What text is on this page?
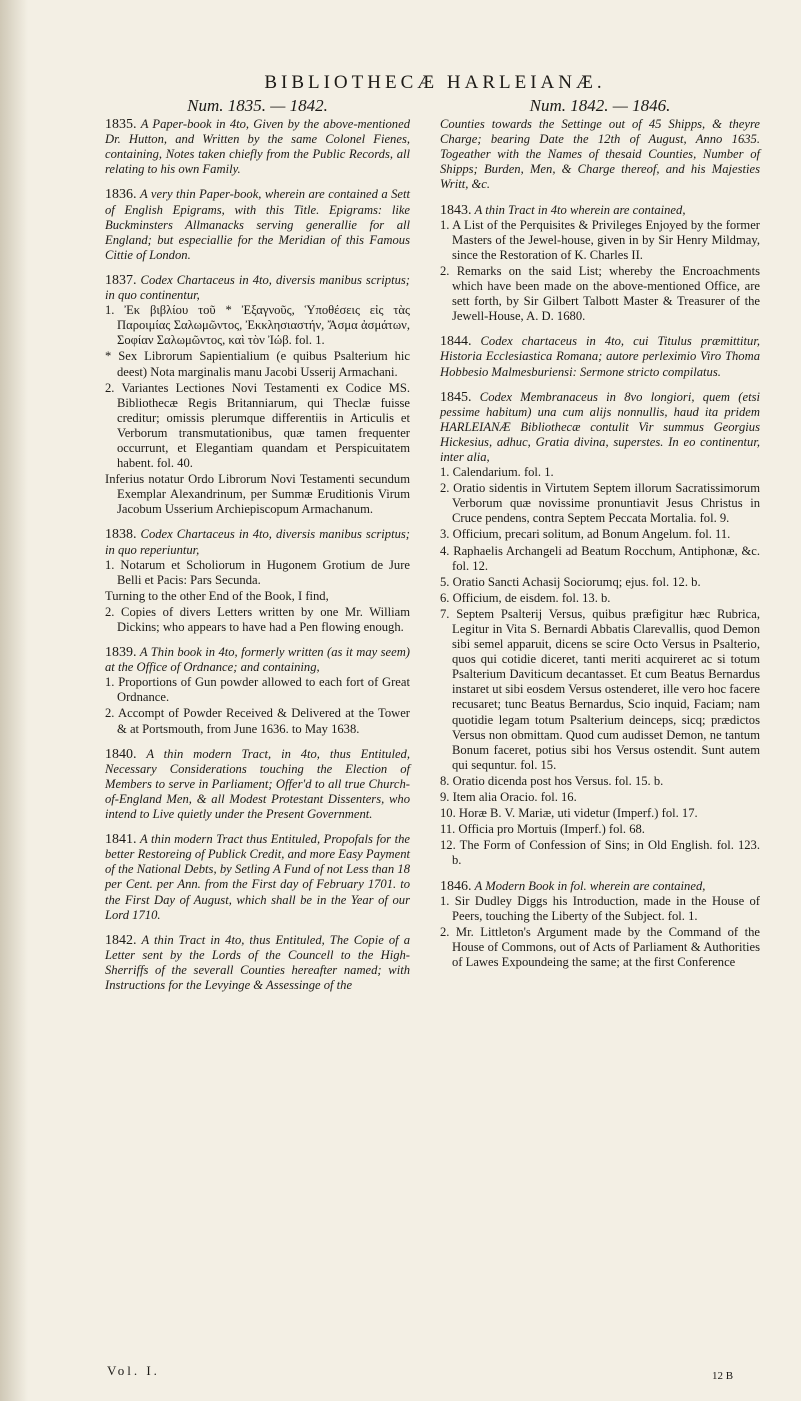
BIBLIOTHECÆ HARLEIANÆ.
Num. 1835. — 1842.
1835. A Paper-book in 4to, Given by the above-mentioned Dr. Hutton, and Written by the same Colonel Fienes, containing, Notes taken chiefly from the Public Records, all relating to his own Family.
1836. A very thin Paper-book, wherein are contained a Sett of English Epigrams, with this Title. Epigrams: like Buckminsters Allmanacks serving generallie for all England; but especiallie for the Meridian of this Famous Cittie of London.
1837. Codex Chartaceus in 4to, diversis manibus scriptus; in quo continentur,
1. Ἐκ βιβλίου τοῦ * Ἐξαγνοῦς, Ὑποθέσεις εἰς τὰς Παροιμίας Σαλωμῶντος, Ἐκκλησιαστήν, Ἄσμα ἀσμάτων, Σοφίαν Σαλωμῶντος, καὶ τὸν Ἰώβ. fol. 1.
* Sex Librorum Sapientialium (e quibus Psalterium hic deest) Nota marginalis manu Jacobi Usserij Armachani.
2. Variantes Lectiones Novi Testamenti ex Codice MS. Bibliothecæ Regis Britanniarum, qui Theclæ fuisse creditur; omissis plerumque differentiis in Articulis et Verborum transmutationibus, quæ tamen frequenter occurrunt, et Elegantiam quandam et Perspicuitatem habent. fol. 40.
Inferius notatur Ordo Librorum Novi Testamenti secundum Exemplar Alexandrinum, per Summæ Eruditionis Virum Jacobum Usserium Archiepiscopum Armachanum.
1838. Codex Chartaceus in 4to, diversis manibus scriptus; in quo reperiuntur,
1. Notarum et Scholiorum in Hugonem Grotium de Jure Belli et Pacis: Pars Secunda.
Turning to the other End of the Book, I find,
2. Copies of divers Letters written by one Mr. William Dickins; who appears to have had a Pen flowing enough.
1839. A Thin book in 4to, formerly written (as it may seem) at the Office of Ordnance; and containing,
1. Proportions of Gun powder allowed to each fort of Great Ordnance.
2. Accompt of Powder Received & Delivered at the Tower & at Portsmouth, from June 1636. to May 1638.
1840. A thin modern Tract, in 4to, thus Entituled, Necessary Considerations touching the Election of Members to serve in Parliament; Offer'd to all true Church-of-England Men, & all Modest Protestant Dissenters, who intend to Live quietly under the Present Government.
1841. A thin modern Tract thus Entituled, Propofals for the better Restoreing of Publick Credit, and more Easy Payment of the National Debts, by Setling A Fund of not Less than 18 per Cent. per Ann. from the First day of February 1701. to the First Day of August, which shall be in the Year of our Lord 1710.
1842. A thin Tract in 4to, thus Entituled, The Copie of a Letter sent by the Lords of the Councell to the High-Sherriffs of the severall Counties hereafter named; with Instructions for the Levyinge & Assessinge of the
Num. 1842. — 1846.
Counties towards the Settinge out of 45 Shipps, & theyre Charge; bearing Date the 12th of August, Anno 1635. Togeather with the Names of thesaid Counties, Number of Shipps; Burden, Men, & Charge thereof, and his Majesties Writt, &c.
1843. A thin Tract in 4to wherein are contained,
1. A List of the Perquisites & Privileges Enjoyed by the former Masters of the Jewel-house, given in by Sir Henry Mildmay, since the Restoration of K. Charles II.
2. Remarks on the said List; whereby the Encroachments which have been made on the above-mentioned Office, are sett forth, by Sir Gilbert Talbott Master & Treasurer of the Jewell-House, A. D. 1680.
1844. Codex chartaceus in 4to, cui Titulus præmittitur, Historia Ecclesiastica Romana; autore perleximio Viro Thoma Hobbesio Malmesburiensi: Sermone stricto compilatus.
1845. Codex Membranaceus in 8vo longiori, quem (etsi pessime habitum) una cum alijs nonnullis, haud ita pridem HARLEIANÆ Bibliothecæ contulit Vir summus Georgius Hickesius, adhuc, Gratia divina, superstes. In eo continentur, inter alia,
1. Calendarium. fol. 1.
2. Oratio sidentis in Virtutem Septem illorum Sacratissimorum Verborum quæ novissime pronuntiavit Jesus Christus in Cruce pendens, contra Septem Peccata Mortalia. fol. 9.
3. Officium, precari solitum, ad Bonum Angelum. fol. 11.
4. Raphaelis Archangeli ad Beatum Rocchum, Antiphonæ, &c. fol. 12.
5. Oratio Sancti Achasij Sociorumq; ejus. fol. 12. b.
6. Officium, de eisdem. fol. 13. b.
7. Septem Psalterij Versus, quibus præfigitur hæc Rubrica, Legitur in Vita S. Bernardi Abbatis Clarevallis, quod Demon sibi semel apparuit, dicens se scire Octo Versus in Psalterio, quos qui cotidie diceret, tanti meriti acquireret ac si totum Psalterium Daviticum decantasset. Et cum Beatus Bernardus instaret ut sibi eosdem Versus ostenderet, ille vero hoc facere recusaret; tunc Beatus Bernardus, Scio inquid, Faciam; nam quotidie legam totum Psalterium deinceps, sicq; prædictos Versus non obmittam. Quod cum audisset Demon, ne tantum Bonum faceret, potius sibi hos Versus ostendit. Sunt autem qui sequntur. fol. 15.
8. Oratio dicenda post hos Versus. fol. 15. b.
9. Item alia Oracio. fol. 16.
10. Horæ B. V. Mariæ, uti videtur (Imperf.) fol. 17.
11. Officia pro Mortuis (Imperf.) fol. 68.
12. The Form of Confession of Sins; in Old English. fol. 123. b.
1846. A Modern Book in fol. wherein are contained,
1. Sir Dudley Diggs his Introduction, made in the House of Peers, touching the Liberty of the Subject. fol. 1.
2. Mr. Littleton's Argument made by the Command of the House of Commons, out of Acts of Parliament & Authorities of Lawes Expoundeing the same; at the first Conference
Vol. I.	12 B
